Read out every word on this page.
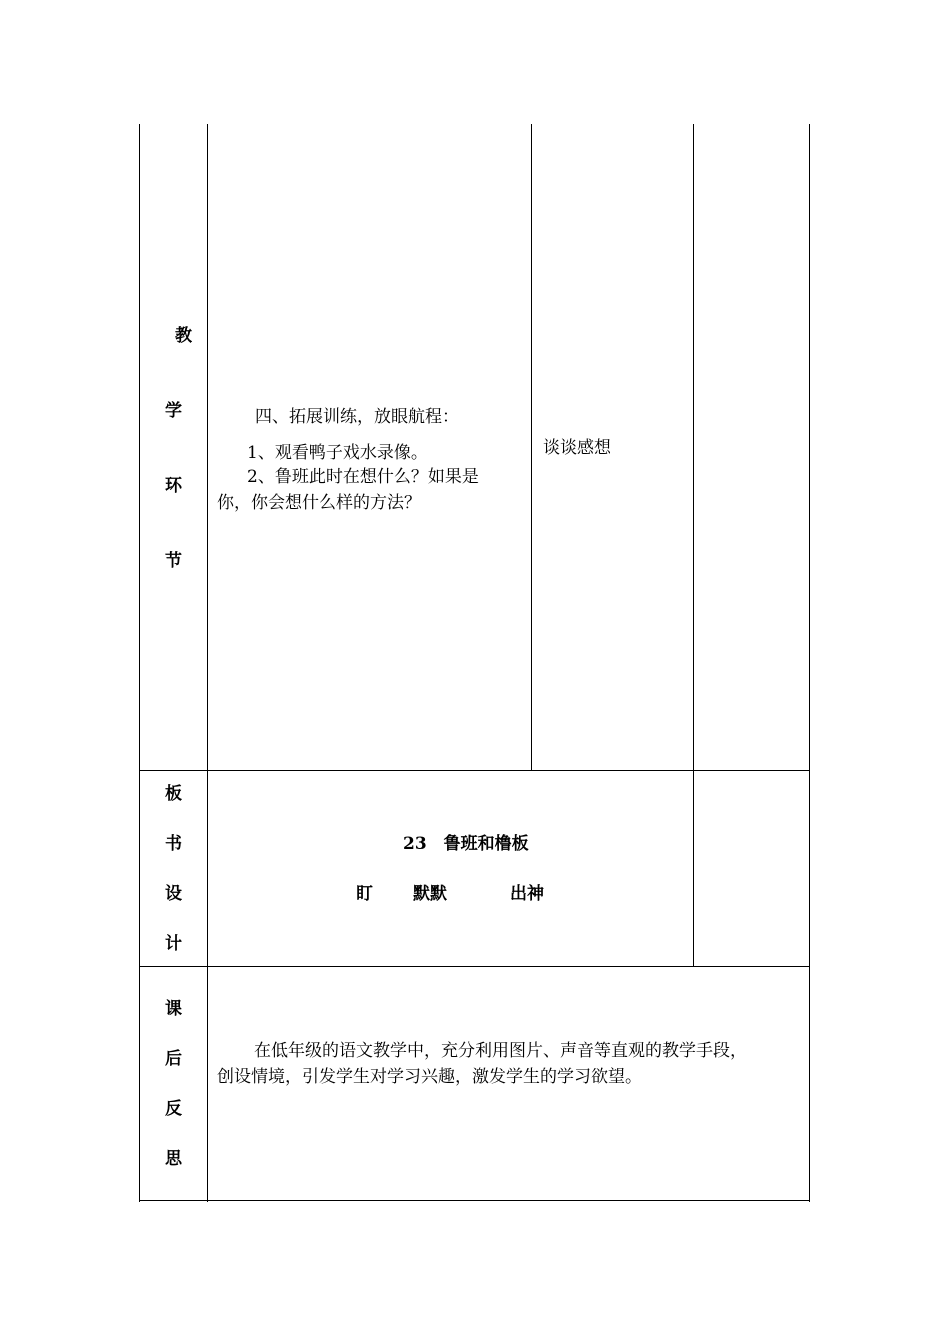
教
学
环
节
四、拓展训练，放眼航程：
1、观看鸭子戏水录像。
2、鲁班此时在想什么？如果是
你，你会想什么样的方法？
谈谈感想
板
书
设
计
23　鲁班和橹板
盯 默默	出神
课
后
反
思
在低年级的语文教学中，充分利用图片、声音等直观的教学手段，
创设情境，引发学生对学习兴趣，激发学生的学习欲望。
